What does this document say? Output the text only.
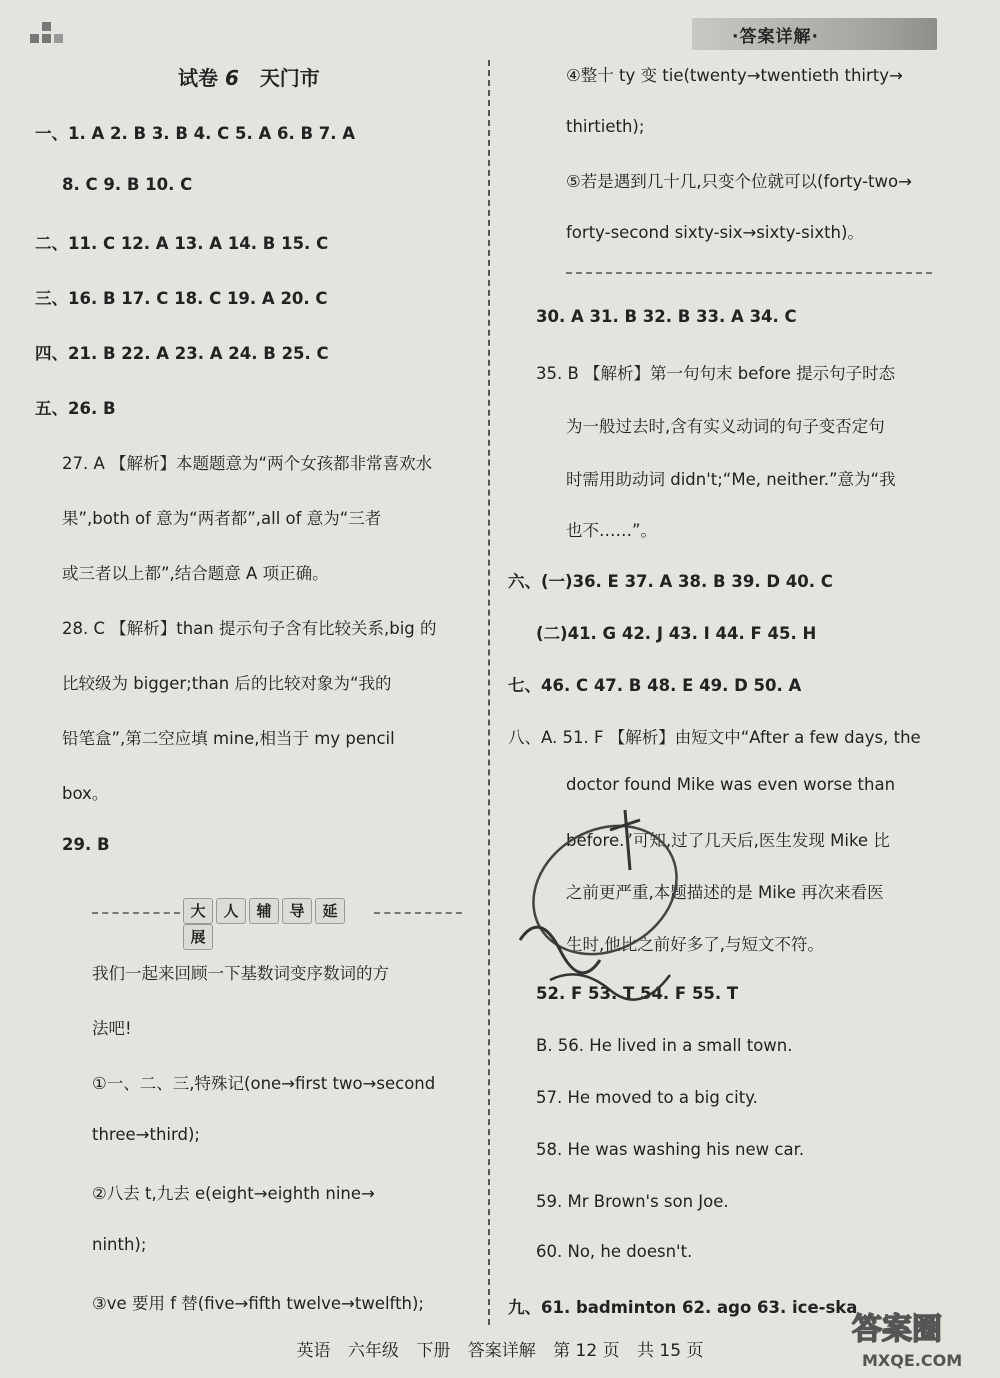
·答案详解·
试卷 6 天门市
一、1. A 2. B 3. B 4. C 5. A 6. B 7. A
8. C 9. B 10. C
二、11. C 12. A 13. A 14. B 15. C
三、16. B 17. C 18. C 19. A 20. C
四、21. B 22. A 23. A 24. B 25. C
五、26. B
27. A 【解析】本题题意为“两个女孩都非常喜欢水
果”,both of 意为“两者都”,all of 意为“三者
或三者以上都”,结合题意 A 项正确。
28. C 【解析】than 提示句子含有比较关系,big 的
比较级为 bigger;than 后的比较对象为“我的
铅笔盒”,第二空应填 mine,相当于 my pencil
box。
29. B
大 人 辅 导 延展
我们一起来回顾一下基数词变序数词的方
法吧!
①一、二、三,特殊记(one→first two→second
three→third);
②八去 t,九去 e(eight→eighth nine→
ninth);
③ve 要用 f 替(five→fifth twelve→twelfth);
④整十 ty 变 tie(twenty→twentieth thirty→
thirtieth);
⑤若是遇到几十几,只变个位就可以(forty-two→
forty-second sixty-six→sixty-sixth)。
30. A 31. B 32. B 33. A 34. C
35. B 【解析】第一句句末 before 提示句子时态
为一般过去时,含有实义动词的句子变否定句
时需用助动词 didn't;“Me, neither.”意为“我
也不……”。
六、(一)36. E 37. A 38. B 39. D 40. C
(二)41. G 42. J 43. I 44. F 45. H
七、46. C 47. B 48. E 49. D 50. A
八、A. 51. F 【解析】由短文中“After a few days, the
doctor found Mike was even worse than
before.”可知,过了几天后,医生发现 Mike 比
之前更严重,本题描述的是 Mike 再次来看医
生时,他比之前好多了,与短文不符。
52. F 53. T 54. F 55. T
B. 56. He lived in a small town.
57. He moved to a big city.
58. He was washing his new car.
59. Mr Brown's son Joe.
60. No, he doesn't.
九、61. badminton 62. ago 63. ice-ska
英语 六年级 下册 答案详解 第 12 页 共 15 页
答案圈
MXQE.COM
